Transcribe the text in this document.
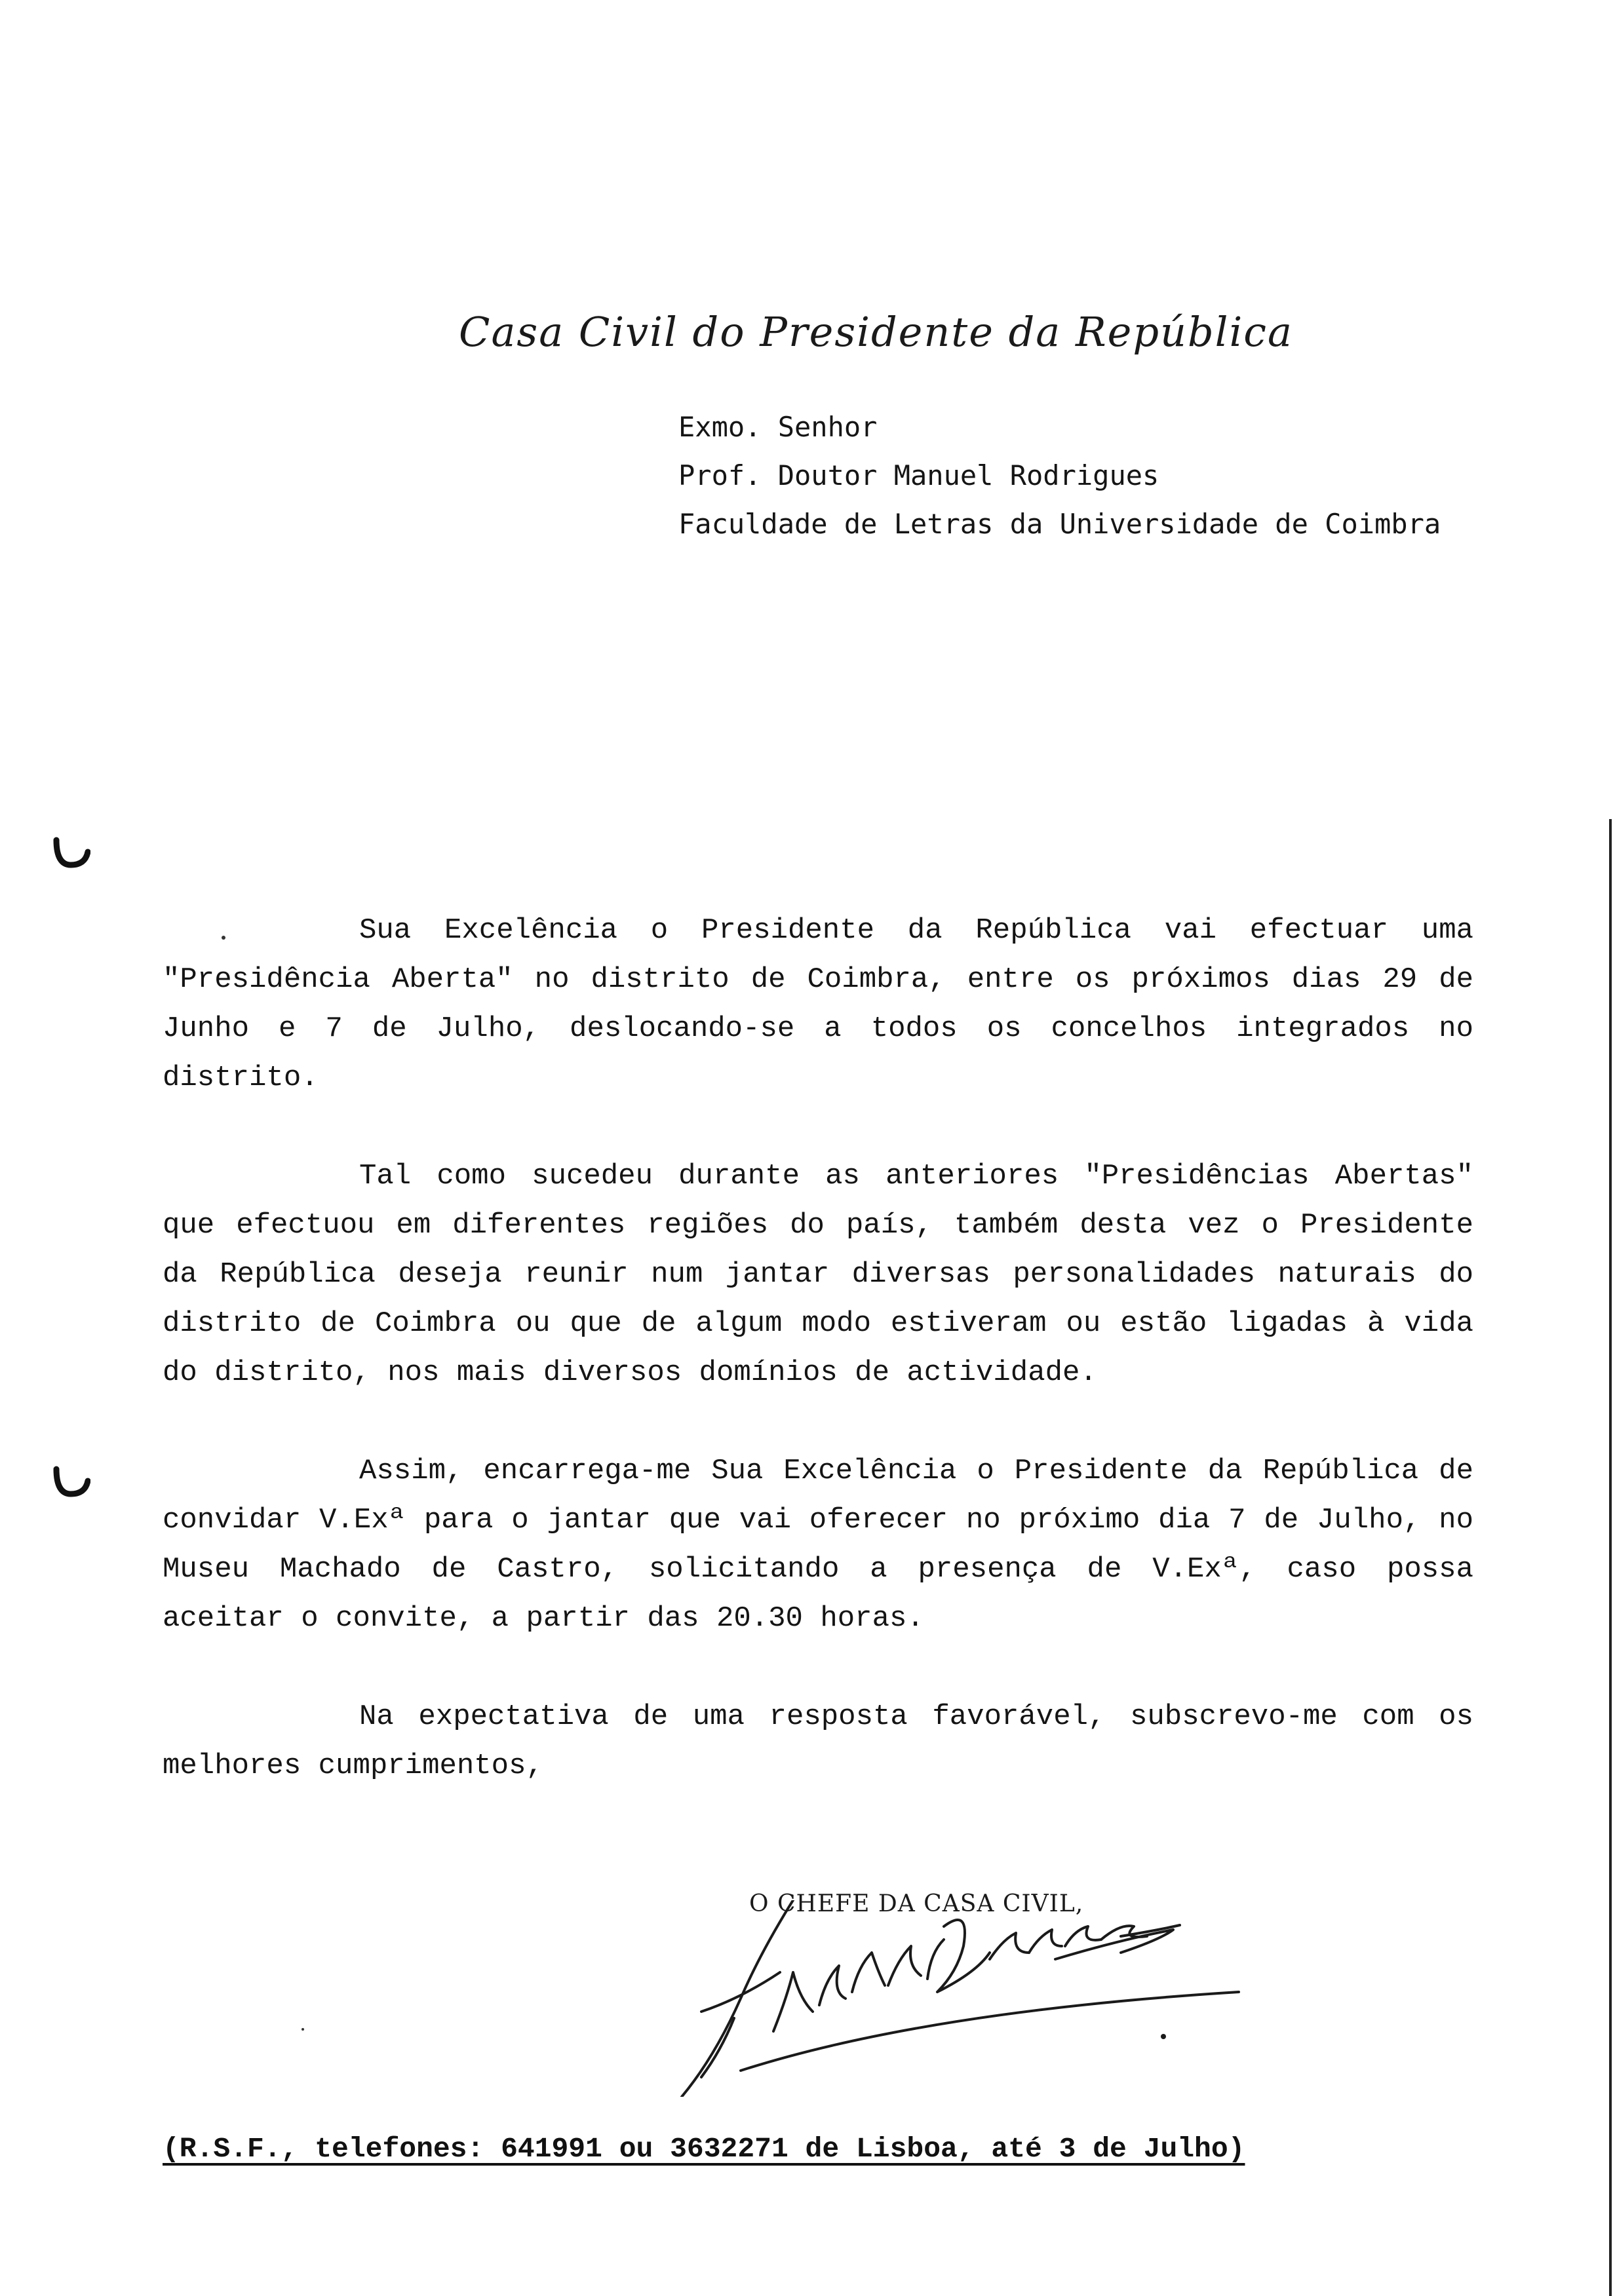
Casa Civil do Presidente da República
Exmo. Senhor
Prof. Doutor Manuel Rodrigues
Faculdade de Letras da Universidade de Coimbra

Sua Excelência o Presidente da República vai efectuar uma "Presidência Aberta" no distrito de Coimbra, entre os próximos dias 29 de Junho e 7 de Julho, deslocando-se a todos os concelhos integrados no distrito.

Tal como sucedeu durante as anteriores "Presidências Abertas" que efectuou em diferentes regiões do país, também desta vez o Presidente da República deseja reunir num jantar diversas personalidades naturais do distrito de Coimbra ou que de algum modo estiveram ou estão ligadas à vida do distrito, nos mais diversos domínios de actividade.

Assim, encarrega-me Sua Excelência o Presidente da República de convidar V.Exª para o jantar que vai oferecer no próximo dia 7 de Julho, no Museu Machado de Castro, solicitando a presença de V.Exª, caso possa aceitar o convite, a partir das 20.30 horas.

Na expectativa de uma resposta favorável, subscrevo-me com os melhores cumprimentos,

O CHEFE DA CASA CIVIL,
(R.S.F., telefones: 641991 ou 3632271 de Lisboa, até 3 de Julho)
